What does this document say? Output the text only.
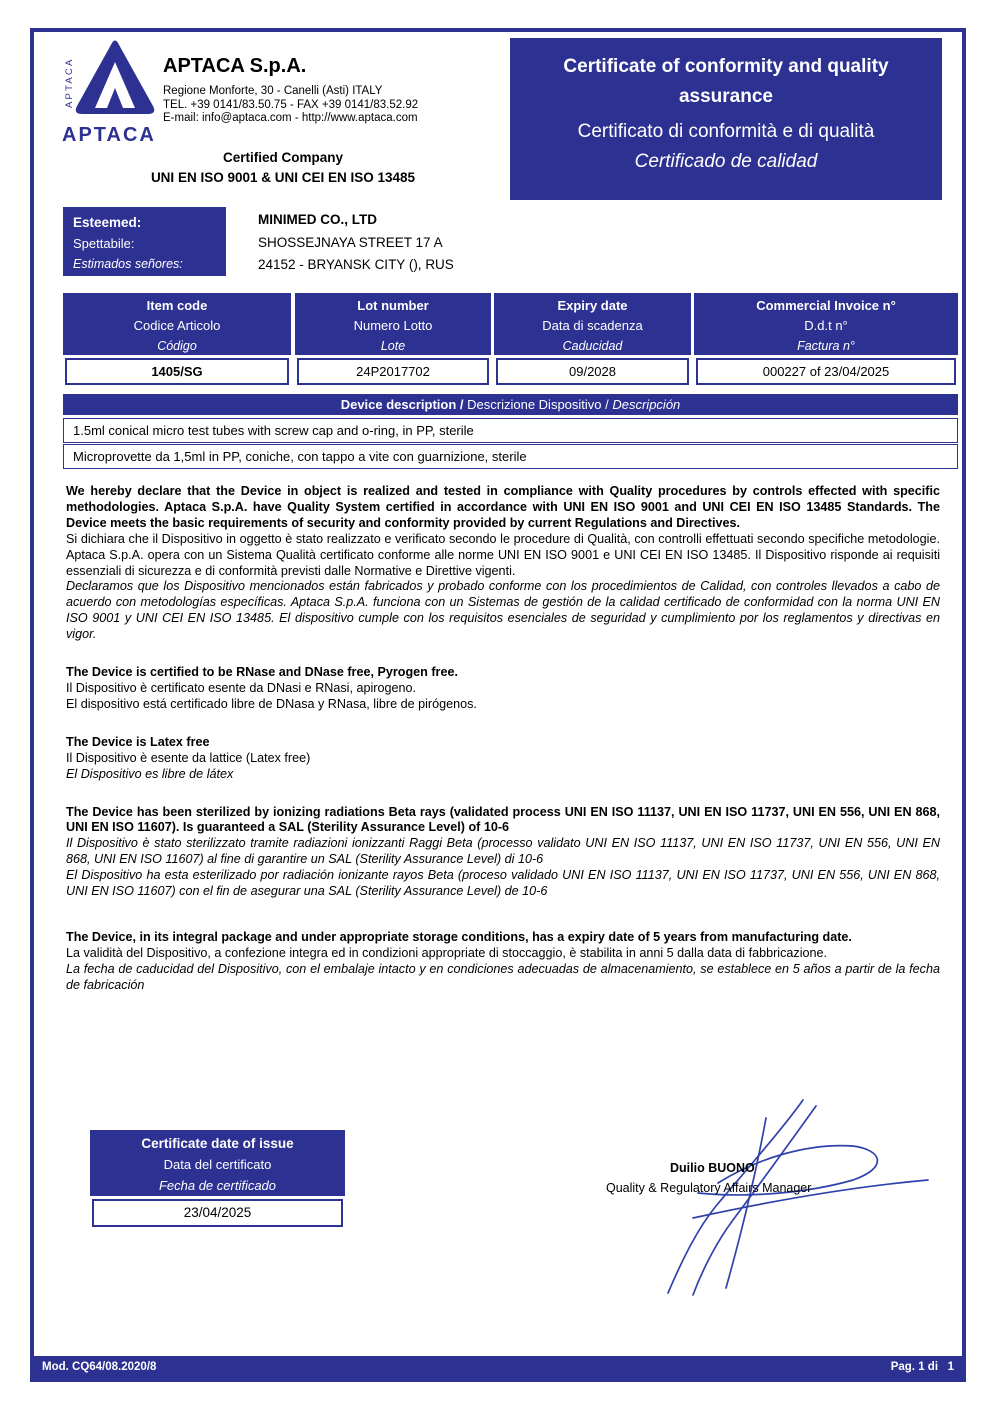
APTACA
APTACA
APTACA S.p.A.
Regione Monforte, 30 - Canelli (Asti) ITALY
TEL. +39 0141/83.50.75 - FAX +39 0141/83.52.92
E-mail: info@aptaca.com - http://www.aptaca.com
Certified Company
UNI EN ISO 9001 & UNI CEI EN ISO 13485
Certificate of conformity and quality assurance
Certificato di conformità e di qualità
Certificado de calidad
Esteemed:
Spettabile:
Estimados señores:
MINIMED CO., LTD
SHOSSEJNAYA STREET 17 A
24152 - BRYANSK CITY (), RUS
Item code
Codice Articolo
Código
1405/SG
Lot number
Numero Lotto
Lote
24P2017702
Expiry date
Data di scadenza
Caducidad
09/2028
Commercial Invoice n°
D.d.t n°
Factura n°
000227 of 23/04/2025
Device description / Descrizione Dispositivo / Descripción
1.5ml conical micro test tubes with screw cap and o-ring, in PP, sterile
Microprovette da 1,5ml in PP, coniche, con tappo a vite con guarnizione, sterile

We hereby declare that the Device in object is realized and tested in compliance with Quality procedures by controls effected with specific methodologies. Aptaca S.p.A. have Quality System certified in accordance with UNI EN ISO 9001 and UNI CEI EN ISO 13485 Standards. The Device meets the basic requirements of security and conformity provided by current Regulations and Directives.

Si dichiara che il Dispositivo in oggetto è stato realizzato e verificato secondo le procedure di Qualità, con controlli effettuati secondo specifiche metodologie. Aptaca S.p.A. opera con un Sistema Qualità certificato conforme alle norme UNI EN ISO 9001 e UNI CEI EN ISO 13485. Il Dispositivo risponde ai requisiti essenziali di sicurezza e di conformità previsti dalle Normative e Direttive vigenti.

Declaramos que los Dispositivo mencionados están fabricados y probado conforme con los procedimientos de Calidad, con controles llevados a cabo de acuerdo con metodologías específicas. Aptaca S.p.A. funciona con un Sistemas de gestión de la calidad certificado de conformidad con la norma UNI EN ISO 9001 y UNI CEI EN ISO 13485. El dispositivo cumple con los requisitos esenciales de seguridad y cumplimiento por los reglamentos y directivas en vigor.

The Device is certified to be RNase and DNase free, Pyrogen free.

Il Dispositivo è certificato esente da DNasi e RNasi, apirogeno.

El dispositivo está certificado libre de DNasa y RNasa, libre de pirógenos.

The Device is Latex free

Il Dispositivo è esente da lattice (Latex free)

El Dispositivo es libre de látex

The Device has been sterilized by ionizing radiations Beta rays (validated process UNI EN ISO 11137, UNI EN ISO 11737, UNI EN 556, UNI EN 868, UNI EN ISO 11607). Is guaranteed a SAL (Sterility Assurance Level) of 10-6

Il Dispositivo è stato sterilizzato tramite radiazioni ionizzanti Raggi Beta (processo validato UNI EN ISO 11137, UNI EN ISO 11737, UNI EN 556, UNI EN 868, UNI EN ISO 11607) al fine di garantire un SAL (Sterility Assurance Level) di 10-6

El Dispositivo ha esta esterilizado por radiación ionizante rayos Beta (proceso validado UNI EN ISO 11137, UNI EN ISO 11737, UNI EN 556, UNI EN 868, UNI EN ISO 11607) con el fin de asegurar una SAL (Sterility Assurance Level) de 10-6

The Device, in its integral package and under appropriate storage conditions, has a expiry date of 5 years from manufacturing date.

La validità del Dispositivo, a confezione integra ed in condizioni appropriate di stoccaggio, è stabilita in anni 5 dalla data di fabbricazione.

La fecha de caducidad del Dispositivo, con el embalaje intacto y en condiciones adecuadas de almacenamiento, se establece en 5 años a partir de la fecha de fabricación

Certificate date of issue
Data del certificato
Fecha de certificado
23/04/2025
Duilio BUONO
Quality & Regulatory Affairs Manager
Mod. CQ64/08.2020/8	Pag. 1 di   1
